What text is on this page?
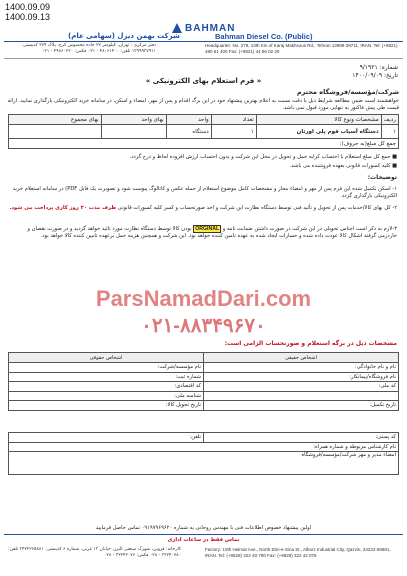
1400.09.09
1400.09.13
BAHMAN
شرکت بهمن دیزل (سهامی عام)	Bahman Diesel Co. (Public)
دفتر مرکزی : تهران، کیلومتر ۲۷ جاده مخصوص کرج، پلاک ۲۷۹ کدپستی: ۱۳۹۹۹۳۷۹۱۱ تلفن: ۴۸۰۶۱۴۰۰ - ۰۲۱ فکس: ۴۴۸۶۰۲۲۰ - ۰۲۱
Headquarter: No. 279, 13th Km of Karaj Makhsous Rd., Tehran 13999-39711, IRAN. Tel: (+9821) 480 61 400 Fax: (+9821) 44 86 02 20
شماره: ۹/۱۹۲۱
تاریخ: ۱۴۰۰/۰۹/۰۹
« فرم استعلام بهای الکترونیکی »
شرکت/مؤسسه/فروشگاه محترم
خواهشمند است ضمن مطالعه شرایط ذیل با دقت نسبت به اعلام بهترین پیشنهاد خود در این برگ اقدام و پس از مهر، امضاء و اسکن، در سامانه خرید الکترونیکی بارگذاری نمایید. ارائه قیمت طی پیش فاکتور به تنهایی مورد قبول نمی باشد.
ردیف	مشخصات ونوع کالا	تعداد	واحد	بهای واحد	بهای مجموع
۱	دستگاه آسیاب قوم پلی اورتان	۱	دستگاه		
جمع کل مبلغ(به حروف):					
■ جمع کل مبلغ استعلام با احتساب کرایه حمل و تحویل در محل این شرکت و بدون احتساب ارزش افزوده لحاظ و درج گردد.
■ کلیه کسورات قانونی بعهده فروشنده می باشد.
توضیحات:
۱- اسکن تکمیل شده این فرم پس از مهر و امضاء مجاز و مشخصات کامل موضوع استعلام از جمله عکس و کاتالوگ پیوست شود و تصویرت یک فایل PDF) در سامانه استعلام خرید الکترونیکی بارگذاری گردد.
۲- کل بهای کالا/خدمات پس از تحویل و تأئید فنی توسط دستگاه نظارت این شرکت و اخذ صورتحساب و کسر کلیه کسورات قانونی ظرف مدت ۳۰ روز کاری پرداخت می شود.
۳-لازم به ذکر است اجناس تحویلی در این شرکت در صورت داشتن ضمانت نامه و ORGINAL بودن کالا توسط دستگاه نظارت مورد تائید خواهد گردید و در صورت نقصان و خاردرمی گرفته اشکال کالا عودت داده شده و خسارات ایجاد شده به عهده تامین کننده خواهد بود. این شرکت و همچنین هزینه حمل برعهده تامین کننده کالا خواهد بود.
ParsNamadDari.com
۰۲۱-۸۸۳۴۹۶۷۰
مشخصات ذیل در برگه استعلام و صورتحساب الزامی است:
اشخاص حقیقی	اشخاص حقوقی
نام و نام خانوادگی:	نام مؤسسه/شرکت:
نام فروشگاه/پیمانکار:	شماره ثبت:
کد ملی:	کد اقتصادی:
	شناسه ملی:
تاریخ تکمیل:	تاریخ تحویل کالا:
کد پستی:	تلفن:
نام کارشناس مربوطه و شماره همراه:
امضاء مدیر و مهر شرکت/مؤسسه/فروشگاه
اولین پیشنهاد خصوص اطلاعات فنی با مهندس روحانی به شماره ۰۹۱۹۷۹۶۹۶۲۰ تماس حاصل فرمایید
تماس فقط در ساعات اداری
کارخانه: قزوین، شهرک صنعتی البرز، خیابان ۱۳ غربی، شماره ۶ کدپستی: ۳۴۲۲۲۶۵۸۸۱ تلفن: ۳۲۲۴۰۷۸۰ - ۰۲۸ فکس: ۳۲۲۴۲۰۷۶ - ۰۲۸
Factory: 10th Helmat Ave., North Ebn-e-Sina St., Alborz Industrial City, Qazvin, 34222-65881, IRAN. Tel: (+9828) 322 40 780 Fax: (+9828) 322 42 076
